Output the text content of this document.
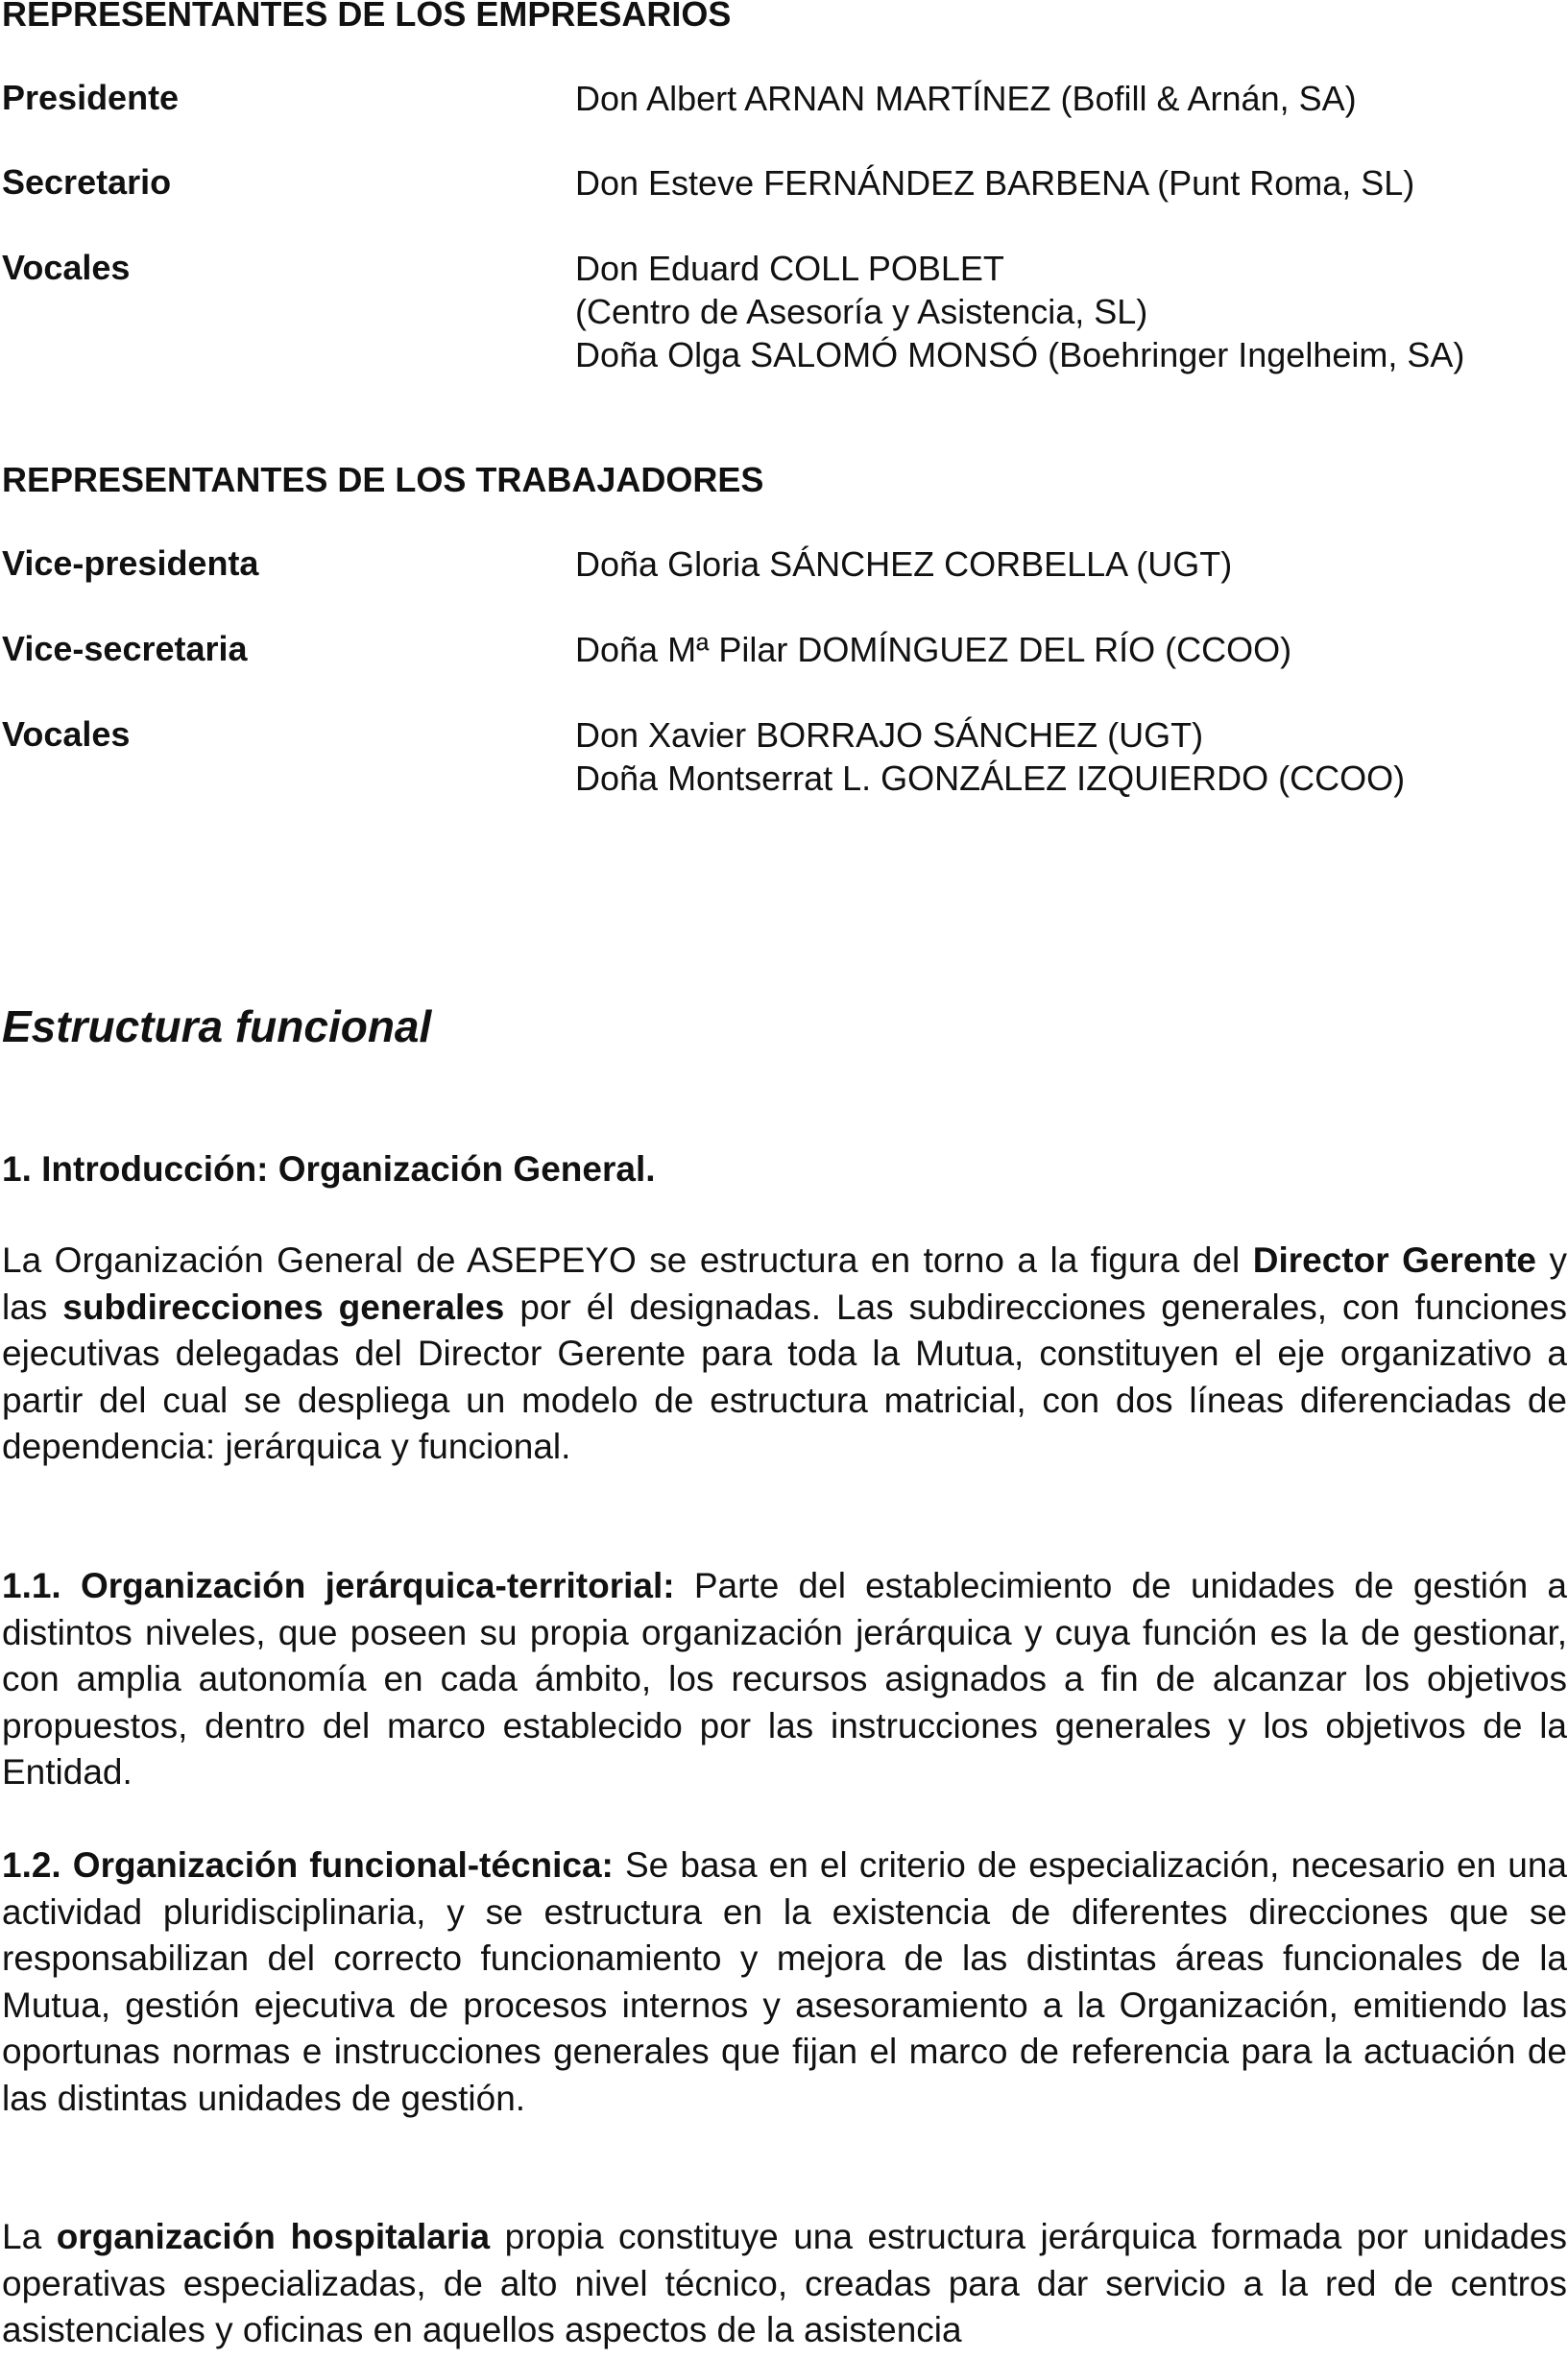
REPRESENTANTES DE LOS EMPRESARIOS
Presidente	Don Albert ARNAN MARTÍNEZ (Bofill & Arnán, SA)
Secretario	Don Esteve FERNÁNDEZ BARBENA (Punt Roma, SL)
Vocales	Don Eduard COLL POBLET
(Centro de Asesoría y Asistencia, SL)
Doña Olga SALOMÓ MONSÓ (Boehringer Ingelheim, SA)
REPRESENTANTES DE LOS TRABAJADORES
Vice-presidenta	Doña Gloria SÁNCHEZ CORBELLA (UGT)
Vice-secretaria	Doña Mª Pilar DOMÍNGUEZ DEL RÍO (CCOO)
Vocales	Don Xavier BORRAJO SÁNCHEZ (UGT)
Doña Montserrat L. GONZÁLEZ IZQUIERDO (CCOO)
Estructura funcional
1. Introducción: Organización General.

La Organización General de ASEPEYO se estructura en torno a la figura del Director Gerente y las subdirecciones generales por él designadas. Las subdirecciones generales, con funciones ejecutivas delegadas del Director Gerente para toda la Mutua, constituyen el eje organizativo a partir del cual se despliega un modelo de estructura matricial, con dos líneas diferenciadas de dependencia: jerárquica y funcional.

1.1. Organización jerárquica-territorial: Parte del establecimiento de unidades de gestión a distintos niveles, que poseen su propia organización jerárquica y cuya función es la de gestionar, con amplia autonomía en cada ámbito, los recursos asignados a fin de alcanzar los objetivos propuestos, dentro del marco establecido por las instrucciones generales y los objetivos de la Entidad.

1.2. Organización funcional-técnica: Se basa en el criterio de especialización, necesario en una actividad pluridisciplinaria, y se estructura en la existencia de diferentes direcciones que se responsabilizan del correcto funcionamiento y mejora de las distintas áreas funcionales de la Mutua, gestión ejecutiva de procesos internos y asesoramiento a la Organización, emitiendo las oportunas normas e instrucciones generales que fijan el marco de referencia para la actuación de las distintas unidades de gestión.

La organización hospitalaria propia constituye una estructura jerárquica formada por unidades operativas especializadas, de alto nivel técnico, creadas para dar servicio a la red de centros asistenciales y oficinas en aquellos aspectos de la asistencia
